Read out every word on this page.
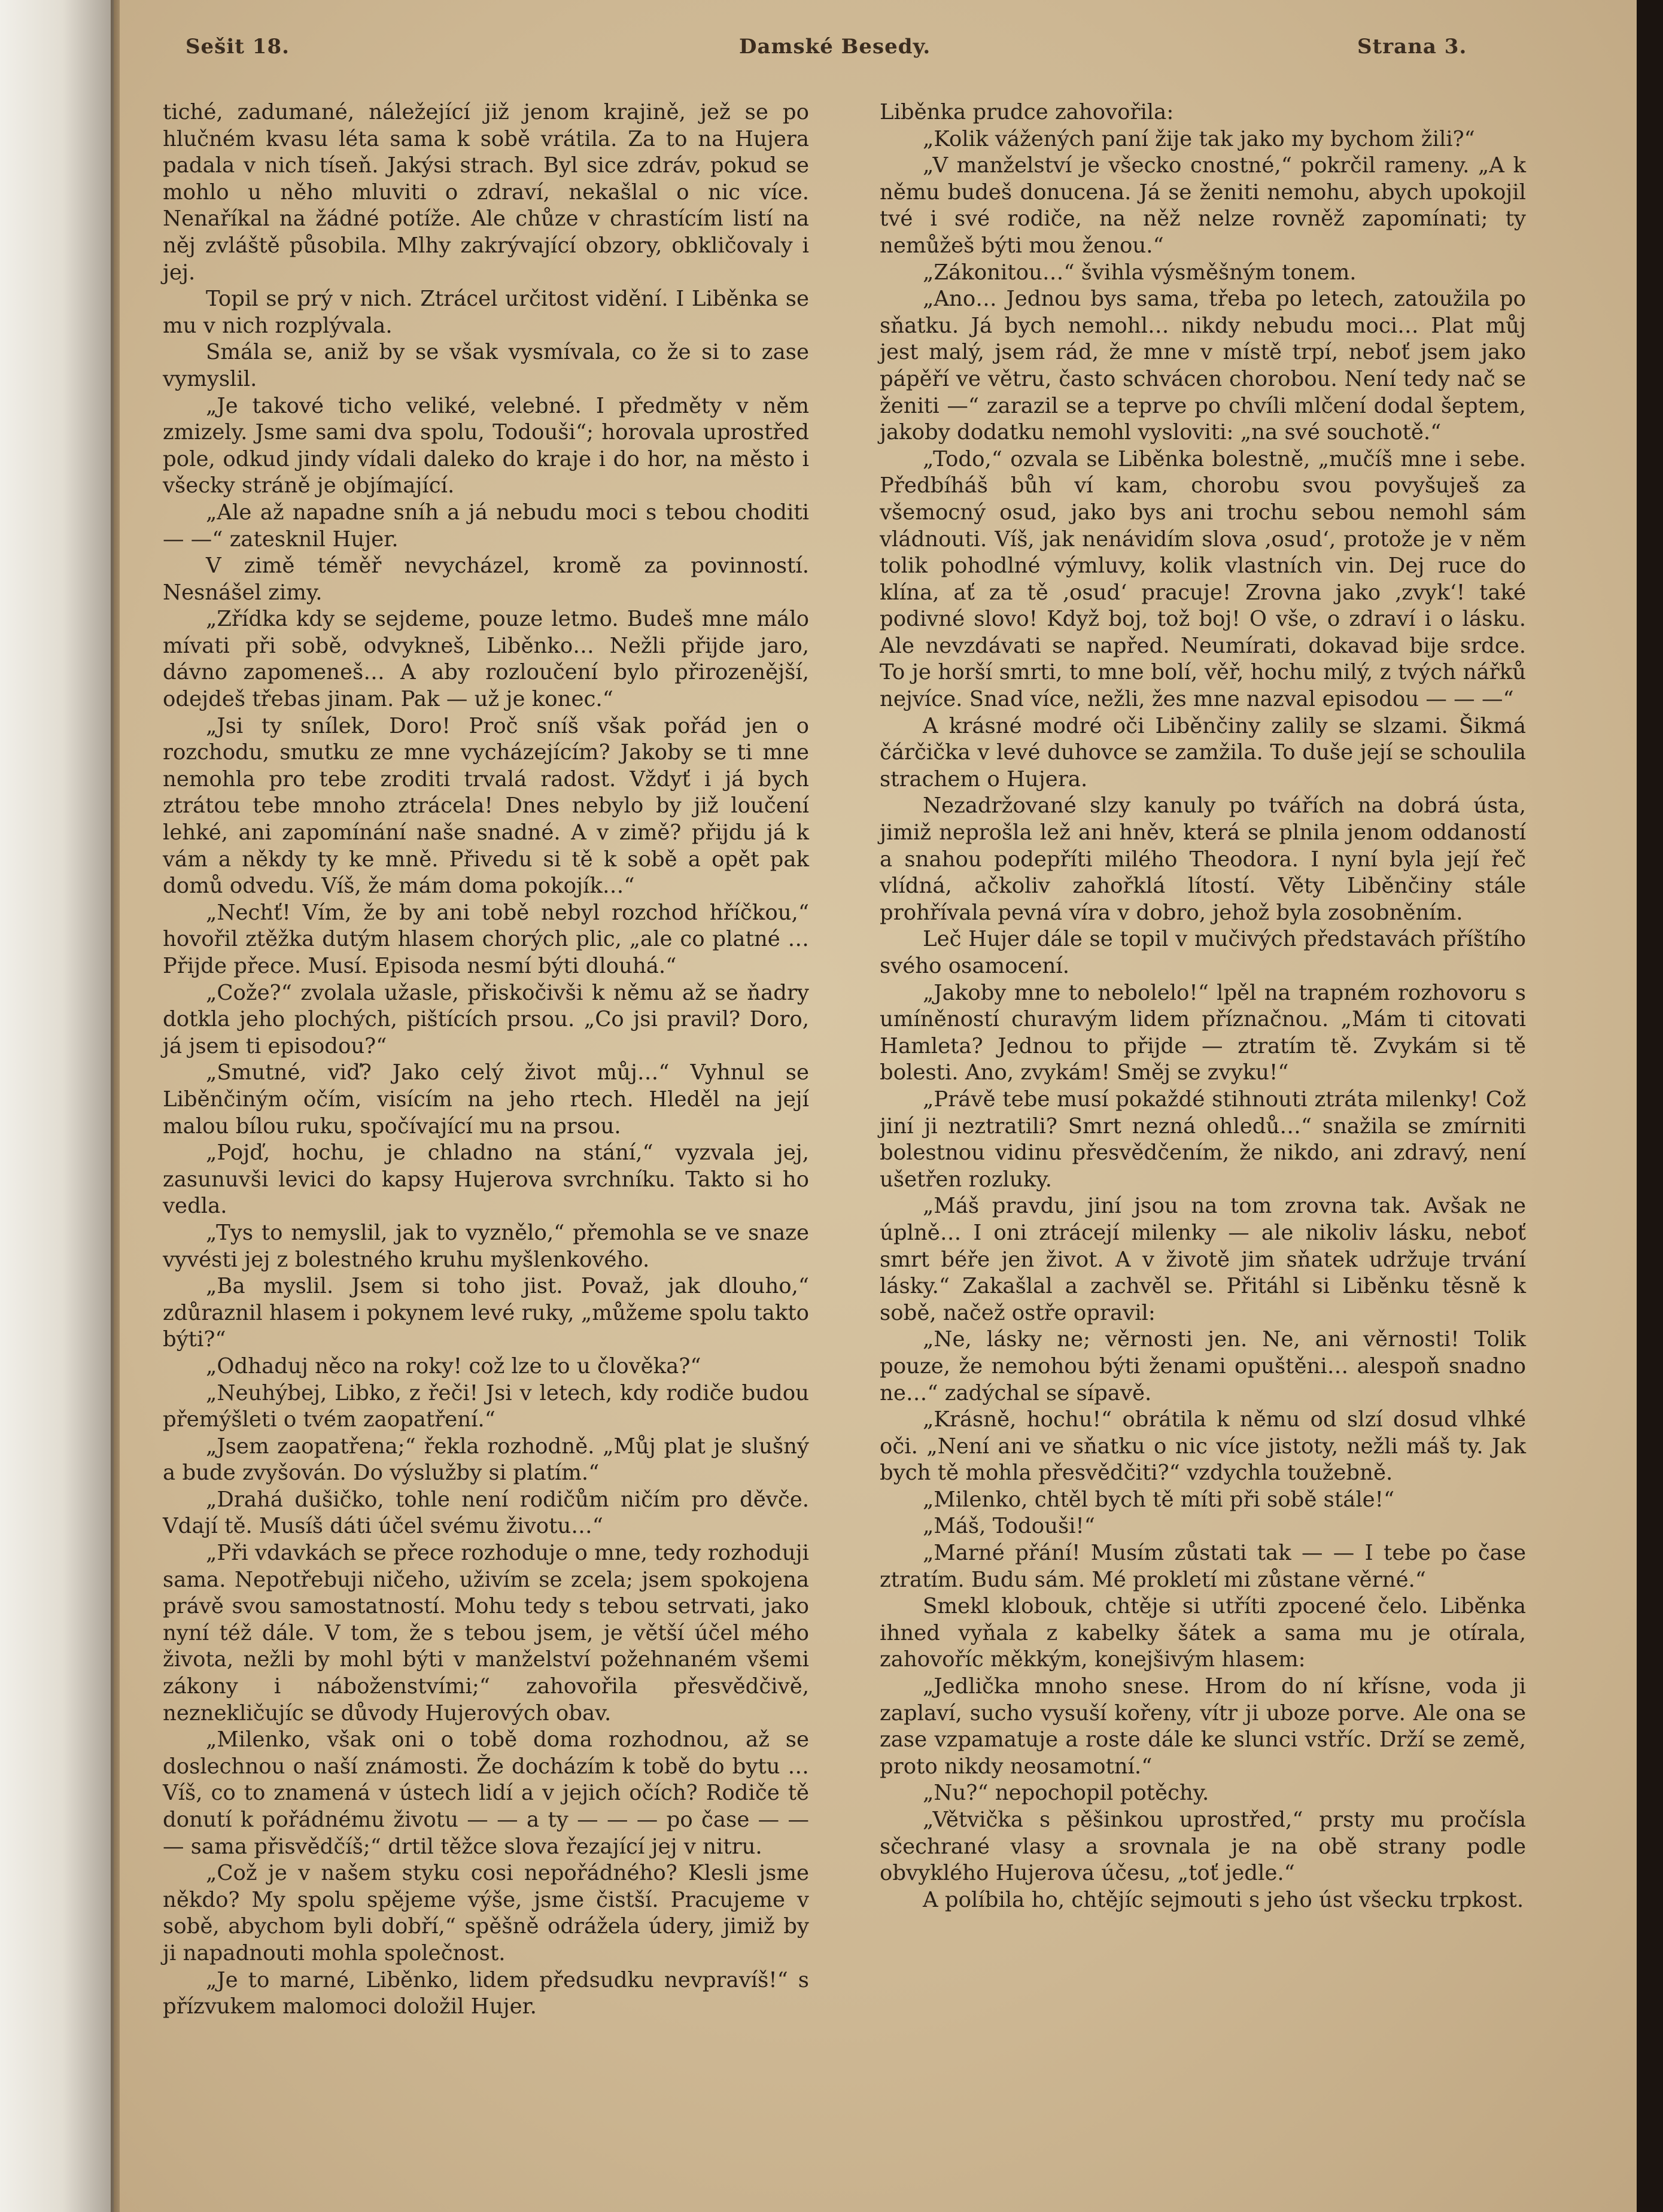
Sešit 18.	Damské Besedy.	Strana 3.

tiché, zadumané, náležející již jenom krajině, jež se po hlučném kvasu léta sama k sobě vrátila. Za to na Hujera padala v nich tíseň. Jakýsi strach. Byl sice zdráv, pokud se mohlo u něho mluviti o zdraví, nekašlal o nic více. Nenaříkal na žádné potíže. Ale chůze v chrastícím listí na něj zvláště působila. Mlhy zakrývající obzory, obkličovaly i jej.

Topil se prý v nich. Ztrácel určitost vidění. I Liběnka se mu v nich rozplývala.

Smála se, aniž by se však vysmívala, co že si to zase vymyslil.

„Je takové ticho veliké, velebné. I předměty v něm zmizely. Jsme sami dva spolu, Todouši“; horovala uprostřed pole, odkud jindy vídali daleko do kraje i do hor, na město i všecky stráně je objímající.

„Ale až napadne sníh a já nebudu moci s tebou choditi — —“ zatesknil Hujer.

V zimě téměř nevycházel, kromě za povinností. Nesnášel zimy.

„Zřídka kdy se sejdeme, pouze letmo. Budeš mne málo mívati při sobě, odvykneš, Liběnko… Nežli přijde jaro, dávno zapomeneš… A aby rozloučení bylo přirozenější, odejdeš třebas jinam. Pak — už je konec.“

„Jsi ty snílek, Doro! Proč sníš však pořád jen o rozchodu, smutku ze mne vycházejícím? Jakoby se ti mne nemohla pro tebe zroditi trvalá radost. Vždyť i já bych ztrátou tebe mnoho ztrácela! Dnes nebylo by již loučení lehké, ani zapomínání naše snadné. A v zimě? přijdu já k vám a někdy ty ke mně. Přivedu si tě k sobě a opět pak domů odvedu. Víš, že mám doma pokojík…“

„Nechť! Vím, že by ani tobě nebyl rozchod hříčkou,“ hovořil ztěžka dutým hlasem chorých plic, „ale co platné … Přijde přece. Musí. Episoda nesmí býti dlouhá.“

„Cože?“ zvolala užasle, přiskočivši k němu až se ňadry dotkla jeho plochých, pištících prsou. „Co jsi pravil? Doro, já jsem ti episodou?“

„Smutné, viď? Jako celý život můj…“ Vyhnul se Liběnčiným očím, visícím na jeho rtech. Hleděl na její malou bílou ruku, spočívající mu na prsou.

„Pojď, hochu, je chladno na stání,“ vyzvala jej, zasunuvši levici do kapsy Hujerova svrchníku. Takto si ho vedla.

„Tys to nemyslil, jak to vyznělo,“ přemohla se ve snaze vyvésti jej z bolestného kruhu myšlenkového.

„Ba myslil. Jsem si toho jist. Považ, jak dlouho,“ zdůraznil hlasem i pokynem levé ruky, „můžeme spolu takto býti?“

„Odhaduj něco na roky! což lze to u člověka?“

„Neuhýbej, Libko, z řeči! Jsi v letech, kdy rodiče budou přemýšleti o tvém zaopatření.“

„Jsem zaopatřena;“ řekla rozhodně. „Můj plat je slušný a bude zvyšován. Do výslužby si platím.“

„Drahá dušičko, tohle není rodičům ničím pro děvče. Vdají tě. Musíš dáti účel svému životu…“

„Při vdavkách se přece rozhoduje o mne, tedy rozhoduji sama. Nepotřebuji ničeho, uživím se zcela; jsem spokojena právě svou samostatností. Mohu tedy s tebou setrvati, jako nyní též dále. V tom, že s tebou jsem, je větší účel mého života, nežli by mohl býti v manželství požehnaném všemi zákony i náboženstvími;“ zahovořila přesvědčivě, neznekličujíc se důvody Hujerových obav.

„Milenko, však oni o tobě doma rozhodnou, až se doslechnou o naší známosti. Že docházím k tobě do bytu … Víš, co to znamená v ústech lidí a v jejich očích? Rodiče tě donutí k pořádnému životu — — a ty — — — po čase — — — sama přisvědčíš;“ drtil těžce slova řezající jej v nitru.

„Což je v našem styku cosi nepořádného? Klesli jsme někdo? My spolu spějeme výše, jsme čistší. Pracujeme v sobě, abychom byli dobří,“ spěšně odrážela údery, jimiž by ji napadnouti mohla společnost.

„Je to marné, Liběnko, lidem předsudku nevpravíš!“ s přízvukem malomoci doložil Hujer.

Liběnka prudce zahovořila:

„Kolik vážených paní žije tak jako my bychom žili?“

„V manželství je všecko cnostné,“ pokrčil rameny. „A k němu budeš donucena. Já se ženiti nemohu, abych upokojil tvé i své rodiče, na něž nelze rovněž zapomínati; ty nemůžeš býti mou ženou.“

„Zákonitou…“ švihla výsměšným tonem.

„Ano… Jednou bys sama, třeba po letech, zatoužila po sňatku. Já bych nemohl… nikdy nebudu moci… Plat můj jest malý, jsem rád, že mne v místě trpí, neboť jsem jako pápěří ve větru, často schvácen chorobou. Není tedy nač se ženiti —“ zarazil se a teprve po chvíli mlčení dodal šeptem, jakoby dodatku nemohl vysloviti: „na své souchotě.“

„Todo,“ ozvala se Liběnka bolestně, „mučíš mne i sebe. Předbíháš bůh ví kam, chorobu svou povyšuješ za všemocný osud, jako bys ani trochu sebou nemohl sám vládnouti. Víš, jak nenávidím slova ‚osud‘, protože je v něm tolik pohodlné výmluvy, kolik vlastních vin. Dej ruce do klína, ať za tě ‚osud‘ pracuje! Zrovna jako ‚zvyk‘! také podivné slovo! Když boj, tož boj! O vše, o zdraví i o lásku. Ale nevzdávati se napřed. Neumírati, dokavad bije srdce. To je horší smrti, to mne bolí, věř, hochu milý, z tvých nářků nejvíce. Snad více, nežli, žes mne nazval episodou — — —“

A krásné modré oči Liběnčiny zalily se slzami. Šikmá čárčička v levé duhovce se zamžila. To duše její se schoulila strachem o Hujera.

Nezadržované slzy kanuly po tvářích na dobrá ústa, jimiž neprošla lež ani hněv, která se plnila jenom oddaností a snahou podepříti milého Theodora. I nyní byla její řeč vlídná, ačkoliv zahořklá lítostí. Věty Liběnčiny stále prohřívala pevná víra v dobro, jehož byla zosobněním.

Leč Hujer dále se topil v mučivých představách příštího svého osamocení.

„Jakoby mne to nebolelo!“ lpěl na trapném rozhovoru s umíněností churavým lidem příznačnou. „Mám ti citovati Hamleta? Jednou to přijde — ztratím tě. Zvykám si tě bolesti. Ano, zvykám! Směj se zvyku!“

„Právě tebe musí pokaždé stihnouti ztráta milenky! Což jiní ji neztratili? Smrt nezná ohledů…“ snažila se zmírniti bolestnou vidinu přesvědčením, že nikdo, ani zdravý, není ušetřen rozluky.

„Máš pravdu, jiní jsou na tom zrovna tak. Avšak ne úplně… I oni ztrácejí milenky — ale nikoliv lásku, neboť smrt béře jen život. A v životě jim sňatek udržuje trvání lásky.“ Zakašlal a zachvěl se. Přitáhl si Liběnku těsně k sobě, načež ostře opravil:

„Ne, lásky ne; věrnosti jen. Ne, ani věrnosti! Tolik pouze, že nemohou býti ženami opuštěni… alespoň snadno ne…“ zadýchal se sípavě.

„Krásně, hochu!“ obrátila k němu od slzí dosud vlhké oči. „Není ani ve sňatku o nic více jistoty, nežli máš ty. Jak bych tě mohla přesvědčiti?“ vzdychla toužebně.

„Milenko, chtěl bych tě míti při sobě stále!“

„Máš, Todouši!“

„Marné přání! Musím zůstati tak — — I tebe po čase ztratím. Budu sám. Mé prokletí mi zůstane věrné.“

Smekl klobouk, chtěje si utříti zpocené čelo. Liběnka ihned vyňala z kabelky šátek a sama mu je otírala, zahovoříc měkkým, konejšivým hlasem:

„Jedlička mnoho snese. Hrom do ní křísne, voda ji zaplaví, sucho vysuší kořeny, vítr ji uboze porve. Ale ona se zase vzpamatuje a roste dále ke slunci vstříc. Drží se země, proto nikdy neosamotní.“

„Nu?“ nepochopil potěchy.

„Větvička s pěšinkou uprostřed,“ prsty mu pročísla sčechrané vlasy a srovnala je na obě strany podle obvyklého Hujerova účesu, „toť jedle.“

A políbila ho, chtějíc sejmouti s jeho úst všecku trpkost.
